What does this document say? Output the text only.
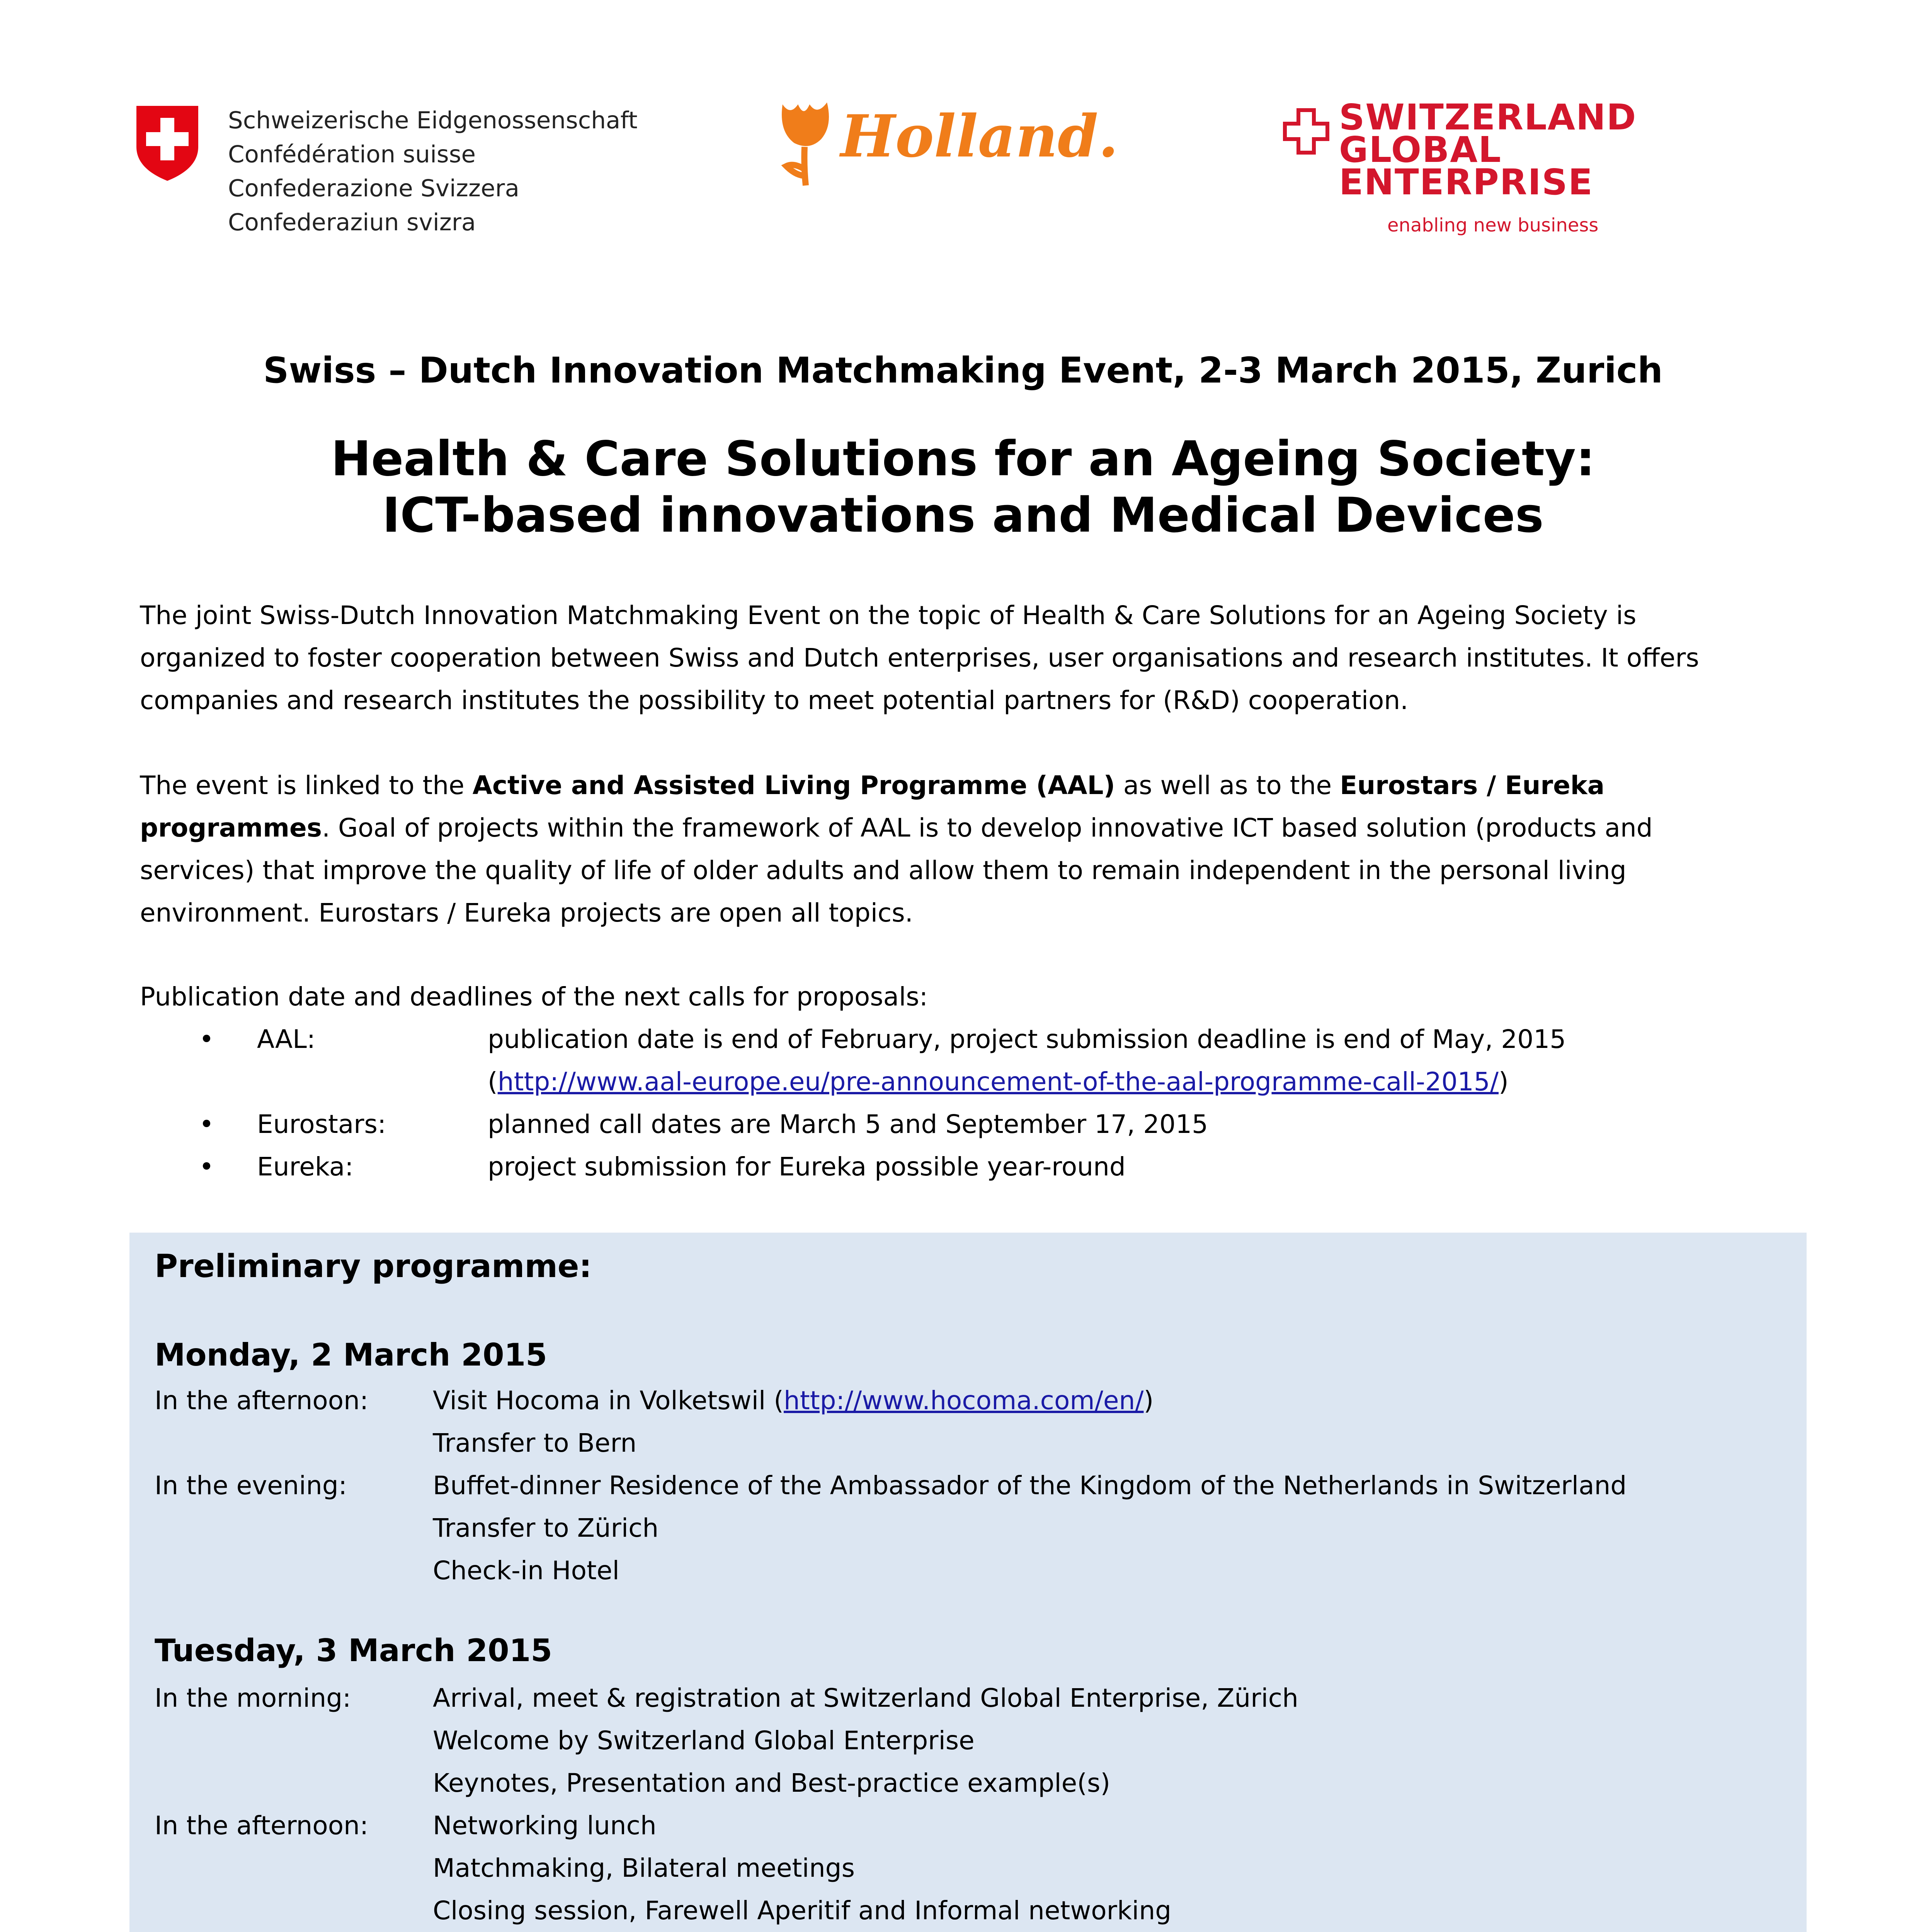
Schweizerische Eidgenossenschaft
Confédération suisse
Confederazione Svizzera
Confederaziun svizra
Holland.	SWITZERLAND
GLOBAL
ENTERPRISE
enabling new business
Swiss – Dutch Innovation Matchmaking Event, 2-3 March 2015, Zurich
Health & Care Solutions for an Ageing Society:
ICT-based innovations and Medical Devices
The joint Swiss-Dutch Innovation Matchmaking Event on the topic of Health & Care Solutions for an Ageing Society is
organized to foster cooperation between Swiss and Dutch enterprises, user organisations and research institutes. It offers
companies and research institutes the possibility to meet potential partners for (R&D) cooperation.
The event is linked to the Active and Assisted Living Programme (AAL) as well as to the Eurostars / Eureka
programmes. Goal of projects within the framework of AAL is to develop innovative ICT based solution (products and
services) that improve the quality of life of older adults and allow them to remain independent in the personal living
environment. Eurostars / Eureka projects are open all topics.
Publication date and deadlines of the next calls for proposals:
• AAL:	publication date is end of February, project submission deadline is end of May, 2015
(http://www.aal-europe.eu/pre-announcement-of-the-aal-programme-call-2015/)
• Eurostars:	planned call dates are March 5 and September 17, 2015
• Eureka:	project submission for Eureka possible year-round
Preliminary programme:
Monday, 2 March 2015
In the afternoon:	Visit Hocoma in Volketswil (http://www.hocoma.com/en/)
Transfer to Bern
In the evening:	Buffet-dinner Residence of the Ambassador of the Kingdom of the Netherlands in Switzerland
Transfer to Zürich
Check-in Hotel
Tuesday, 3 March 2015
In the morning:	Arrival, meet & registration at Switzerland Global Enterprise, Zürich
Welcome by Switzerland Global Enterprise
Keynotes, Presentation and Best-practice example(s)
In the afternoon:	Networking lunch
Matchmaking, Bilateral meetings
Closing session, Farewell Aperitif and Informal networking
